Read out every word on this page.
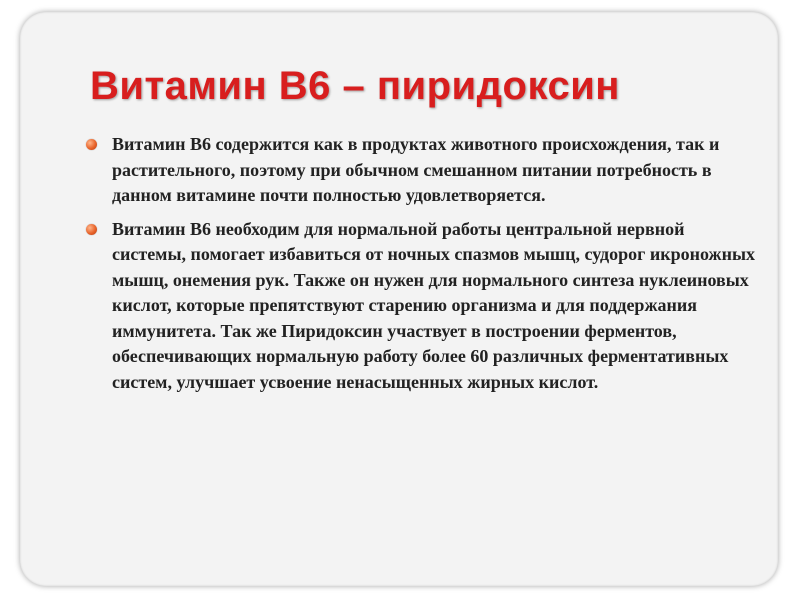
Витамин В6 – пиридоксин

Витамин В6 содержится как в продуктах животного происхождения, так и растительного, поэтому при обычном смешанном питании потребность в данном витамине почти полностью удовлетворяется.

Витамин В6 необходим для нормальной работы центральной нервной системы, помогает избавиться от ночных спазмов мышц, судорог икроножных мышц, онемения рук. Также он нужен для нормального синтеза нуклеиновых кислот, которые препятствуют старению организма и для поддержания иммунитета. Так же Пиридоксин участвует в построении ферментов, обеспечивающих нормальную работу более 60 различных ферментативных систем, улучшает усвоение ненасыщенных жирных кислот.
